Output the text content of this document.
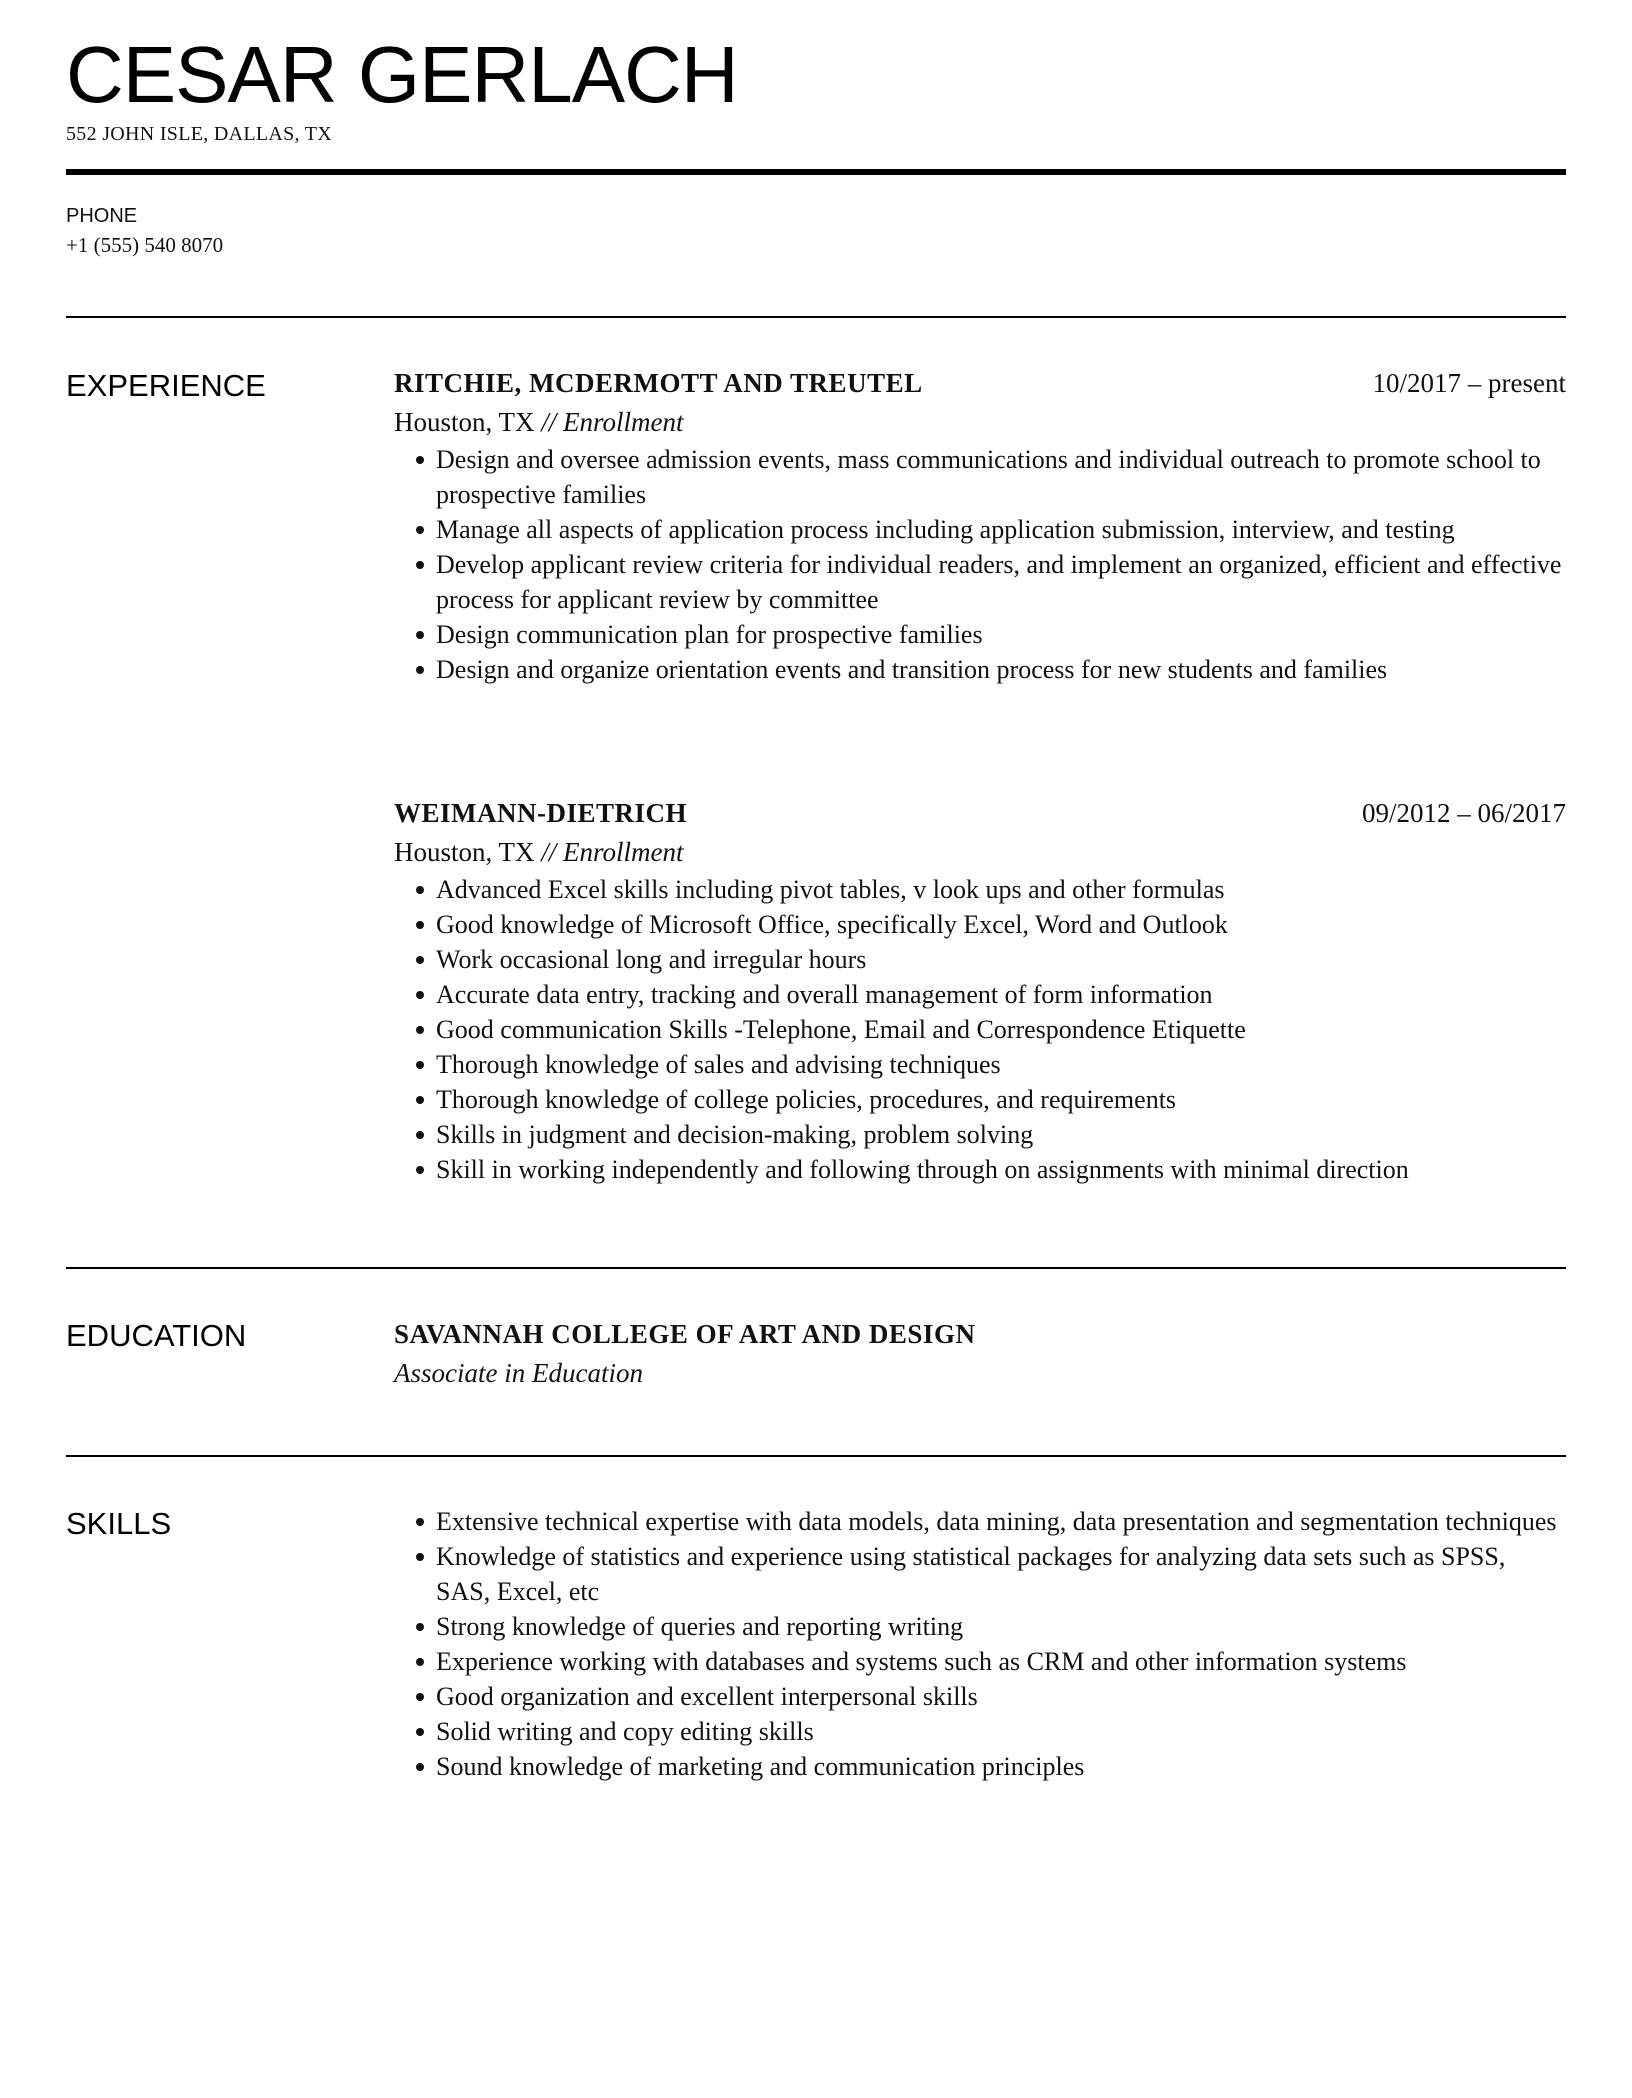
CESAR GERLACH
552 JOHN ISLE, DALLAS, TX
PHONE
+1 (555) 540 8070
EXPERIENCE	RITCHIE, MCDERMOTT AND TREUTEL	10/2017 – present
Houston, TX // Enrollment
Design and oversee admission events, mass communications and individual outreach to promote school to prospective families
Manage all aspects of application process including application submission, interview, and testing
Develop applicant review criteria for individual readers, and implement an organized, efficient and effective process for applicant review by committee
Design communication plan for prospective families
Design and organize orientation events and transition process for new students and families
WEIMANN-DIETRICH	09/2012 – 06/2017
Houston, TX // Enrollment
Advanced Excel skills including pivot tables, v look ups and other formulas
Good knowledge of Microsoft Office, specifically Excel, Word and Outlook
Work occasional long and irregular hours
Accurate data entry, tracking and overall management of form information
Good communication Skills -Telephone, Email and Correspondence Etiquette
Thorough knowledge of sales and advising techniques
Thorough knowledge of college policies, procedures, and requirements
Skills in judgment and decision-making, problem solving
Skill in working independently and following through on assignments with minimal direction
EDUCATION	SAVANNAH COLLEGE OF ART AND DESIGN
Associate in Education
SKILLS	Extensive technical expertise with data models, data mining, data presentation and segmentation techniques
Knowledge of statistics and experience using statistical packages for analyzing data sets such as SPSS, SAS, Excel, etc
Strong knowledge of queries and reporting writing
Experience working with databases and systems such as CRM and other information systems
Good organization and excellent interpersonal skills
Solid writing and copy editing skills
Sound knowledge of marketing and communication principles
